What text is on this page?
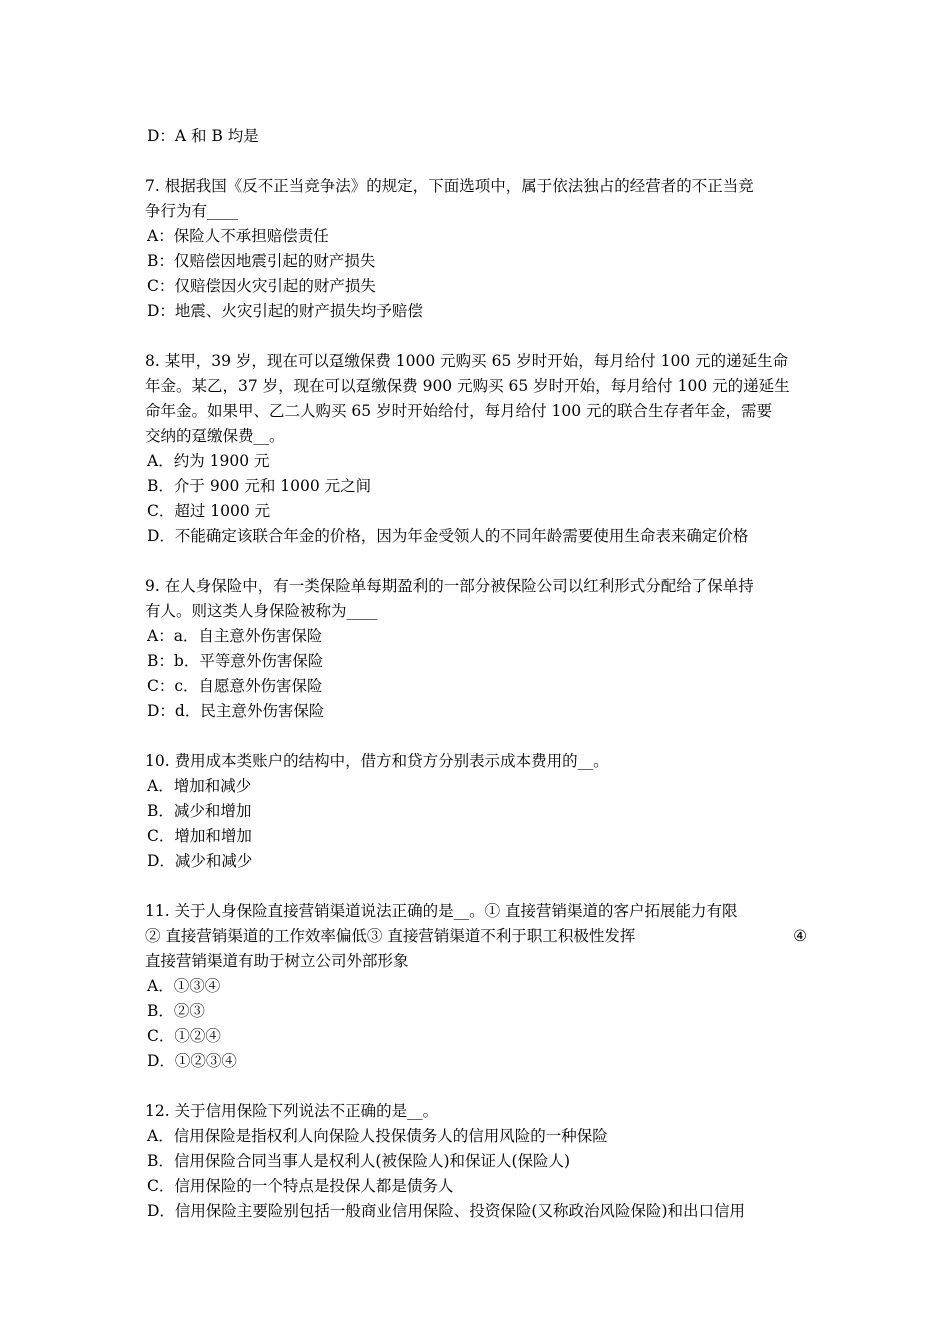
D：A 和 B 均是
7. 根据我国《反不正当竞争法》的规定，下面选项中，属于依法独占的经营者的不正当竞
争行为有____
A：保险人不承担赔偿责任
B：仅赔偿因地震引起的财产损失
C：仅赔偿因火灾引起的财产损失
D：地震、火灾引起的财产损失均予赔偿
8. 某甲，39 岁，现在可以趸缴保费 1000 元购买 65 岁时开始，每月给付 100 元的递延生命
年金。某乙，37 岁，现在可以趸缴保费 900 元购买 65 岁时开始，每月给付 100 元的递延生
命年金。如果甲、乙二人购买 65 岁时开始给付，每月给付 100 元的联合生存者年金，需要
交纳的趸缴保费__。
A．约为 1900 元
B．介于 900 元和 1000 元之间
C．超过 1000 元
D．不能确定该联合年金的价格，因为年金受领人的不同年龄需要使用生命表来确定价格
9. 在人身保险中，有一类保险单每期盈利的一部分被保险公司以红利形式分配给了保单持
有人。则这类人身保险被称为____
A：a．自主意外伤害保险
B：b．平等意外伤害保险
C：c．自愿意外伤害保险
D：d．民主意外伤害保险
10. 费用成本类账户的结构中，借方和贷方分别表示成本费用的__。
A．增加和减少
B．减少和增加
C．增加和增加
D．减少和减少
11. 关于人身保险直接营销渠道说法正确的是__。① 直接营销渠道的客户拓展能力有限
② 直接营销渠道的工作效率偏低③ 直接营销渠道不利于职工积极性发挥	④
直接营销渠道有助于树立公司外部形象
A．①③④
B．②③
C．①②④
D．①②③④
12. 关于信用保险下列说法不正确的是__。
A．信用保险是指权利人向保险人投保债务人的信用风险的一种保险
B．信用保险合同当事人是权利人(被保险人)和保证人(保险人)
C．信用保险的一个特点是投保人都是债务人
D．信用保险主要险别包括一般商业信用保险、投资保险(又称政治风险保险)和出口信用
